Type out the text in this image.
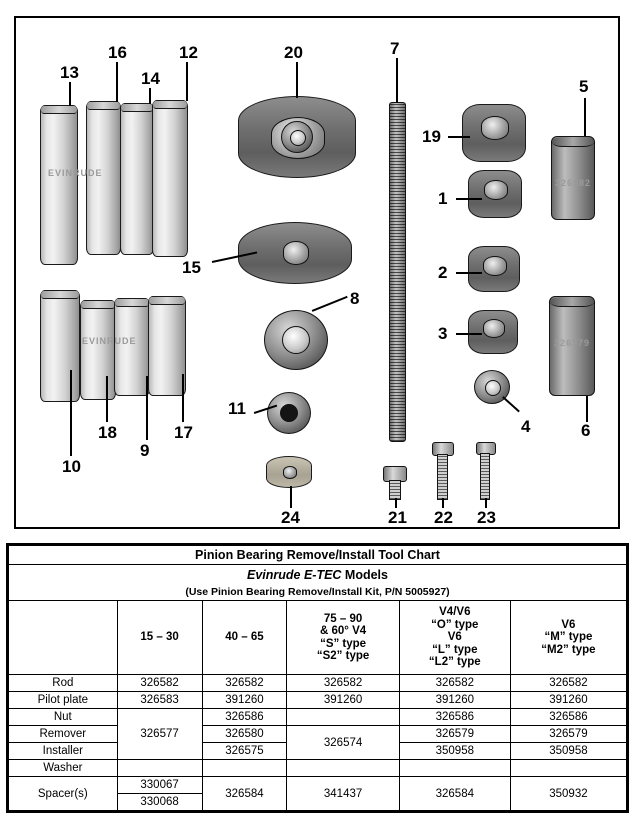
EVINRUDE
EVINRUDE
326582
326579
13
16
14
12	20	7
19
5
1
15	2
8
3
6
11
4
10
18
9
17
24	21 22 23
Pinion Bearing Remove/Install Tool Chart					
Evinrude E-TEC Models					
(Use Pinion Bearing Remove/Install Kit, P/N 5005927)					

15 – 30	40 – 65

75 – 90
& 60° V4
“S” type
“S2” type

V4/V6
“O” type
V6
“L” type
“L2” type

V6
“M” type
“M2” type

Rod	326582	326582	326582	326582	326582
Pilot plate	326583	391260	391260	391260	391260
Nut	326577	326586		326586	326586
Remover		326580	326574	326579	326579
Installer		326575		350958	350958
Washer					
Spacer(s)	330067	326584	341437	326584	350932
	330068				
